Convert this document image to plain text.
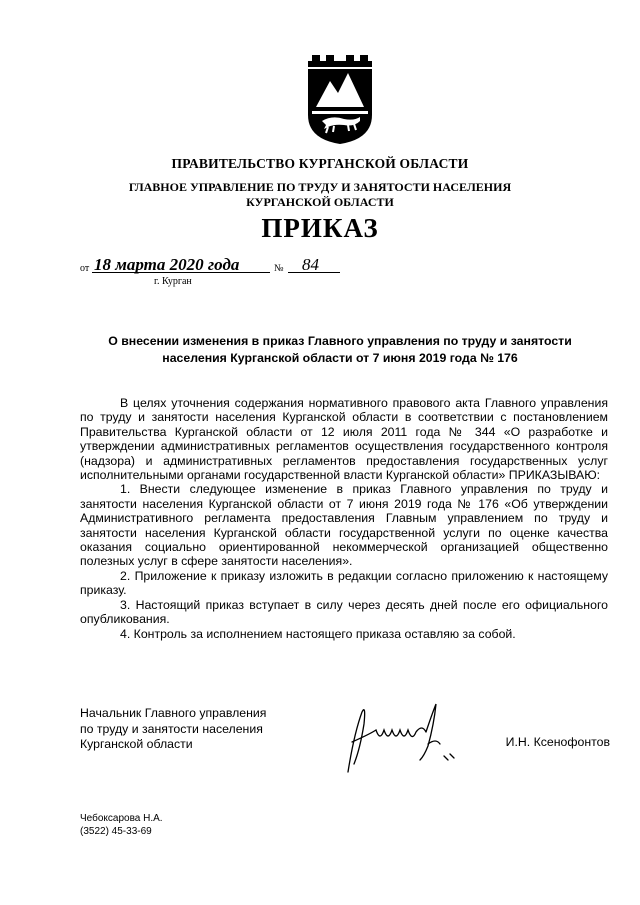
ПРАВИТЕЛЬСТВО КУРГАНСКОЙ ОБЛАСТИ
ГЛАВНОЕ УПРАВЛЕНИЕ ПО ТРУДУ И ЗАНЯТОСТИ НАСЕЛЕНИЯ
КУРГАНСКОЙ ОБЛАСТИ
ПРИКАЗ
от 18 марта 2020 года	№ 84
г. Курган
О внесении изменения в приказ Главного управления по труду и занятости
населения Курганской области от 7 июня 2019 года № 176

В целях уточнения содержания нормативного правового акта Главного управления по труду и занятости населения Курганской области в соответствии с постановлением Правительства Курганской области от 12 июля 2011 года № 344 «О разработке и утверждении административных регламентов осуществления государственного контроля (надзора) и административных регламентов предоставления государственных услуг исполнительными органами государственной власти Курганской области» ПРИКАЗЫВАЮ:

1. Внести следующее изменение в приказ Главного управления по труду и занятости населения Курганской области от 7 июня 2019 года № 176 «Об утверждении Административного регламента предоставления Главным управлением по труду и занятости населения Курганской области государственной услуги по оценке качества оказания социально ориентированной некоммерческой организацией общественно полезных услуг в сфере занятости населения».

2. Приложение к приказу изложить в редакции согласно приложению к настоящему приказу.

3. Настоящий приказ вступает в силу через десять дней после его официального опубликования.

4. Контроль за исполнением настоящего приказа оставляю за собой.

Начальник Главного управления
по труду и занятости населения
Курганской области	И.Н. Ксенофонтов
Чебоксарова Н.А.
(3522) 45-33-69
